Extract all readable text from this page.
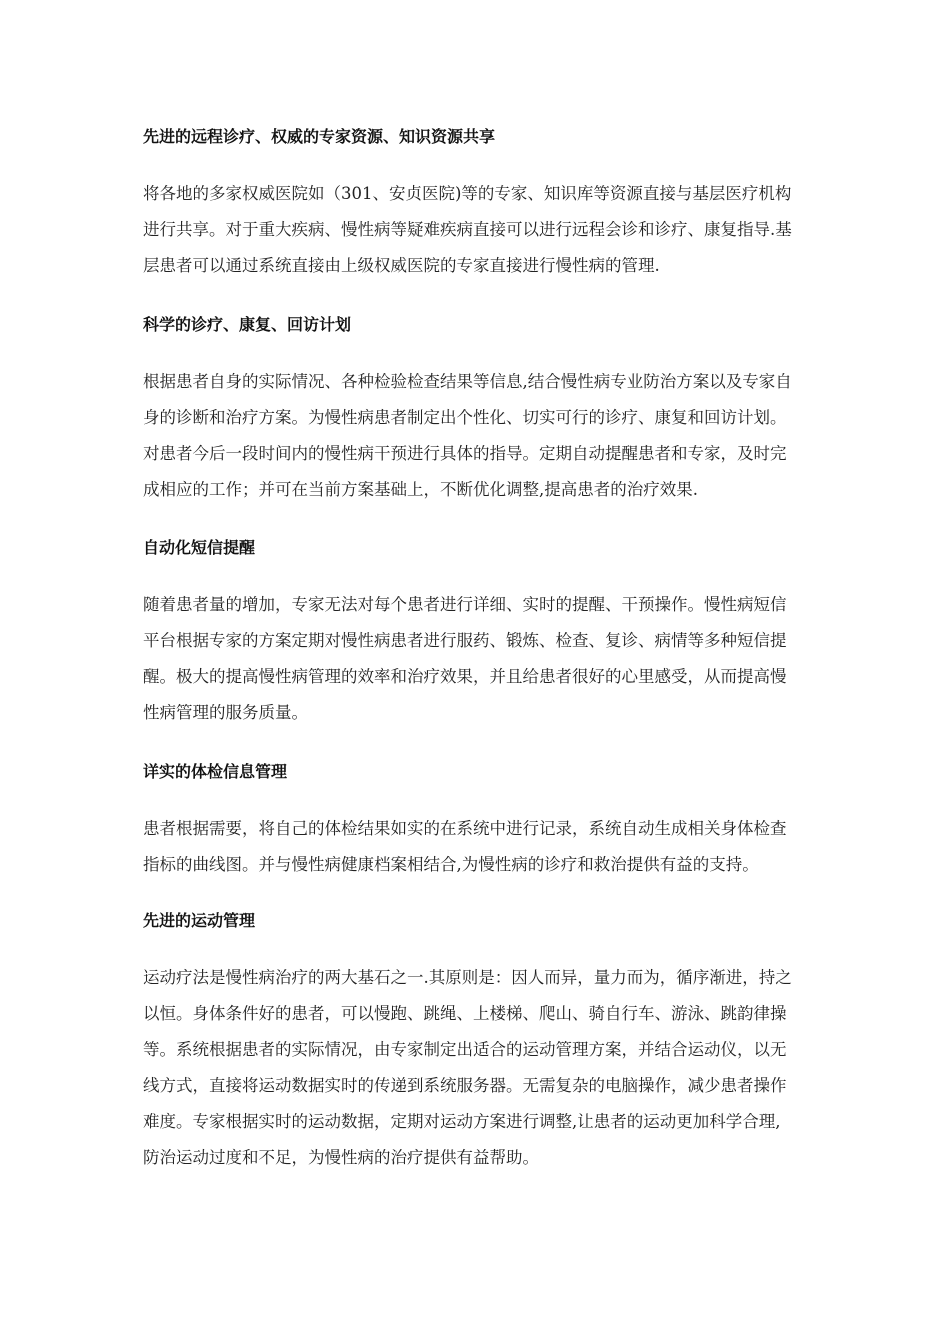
先进的远程诊疗、权威的专家资源、知识资源共享
将各地的多家权威医院如（301、安贞医院)等的专家、知识库等资源直接与基层医疗机构
进行共享。对于重大疾病、慢性病等疑难疾病直接可以进行远程会诊和诊疗、康复指导.基
层患者可以通过系统直接由上级权威医院的专家直接进行慢性病的管理.
科学的诊疗、康复、回访计划
根据患者自身的实际情况、各种检验检查结果等信息,结合慢性病专业防治方案以及专家自
身的诊断和治疗方案。为慢性病患者制定出个性化、切实可行的诊疗、康复和回访计划。
对患者今后一段时间内的慢性病干预进行具体的指导。定期自动提醒患者和专家，及时完
成相应的工作；并可在当前方案基础上，不断优化调整,提高患者的治疗效果.
自动化短信提醒
随着患者量的增加，专家无法对每个患者进行详细、实时的提醒、干预操作。慢性病短信
平台根据专家的方案定期对慢性病患者进行服药、锻炼、检查、复诊、病情等多种短信提
醒。极大的提高慢性病管理的效率和治疗效果，并且给患者很好的心里感受，从而提高慢
性病管理的服务质量。
详实的体检信息管理
患者根据需要，将自己的体检结果如实的在系统中进行记录，系统自动生成相关身体检查
指标的曲线图。并与慢性病健康档案相结合,为慢性病的诊疗和救治提供有益的支持。
先进的运动管理
运动疗法是慢性病治疗的两大基石之一.其原则是：因人而异，量力而为，循序渐进，持之
以恒。身体条件好的患者，可以慢跑、跳绳、上楼梯、爬山、骑自行车、游泳、跳韵律操
等。系统根据患者的实际情况，由专家制定出适合的运动管理方案，并结合运动仪，以无
线方式，直接将运动数据实时的传递到系统服务器。无需复杂的电脑操作，减少患者操作
难度。专家根据实时的运动数据，定期对运动方案进行调整,让患者的运动更加科学合理,
防治运动过度和不足，为慢性病的治疗提供有益帮助。
